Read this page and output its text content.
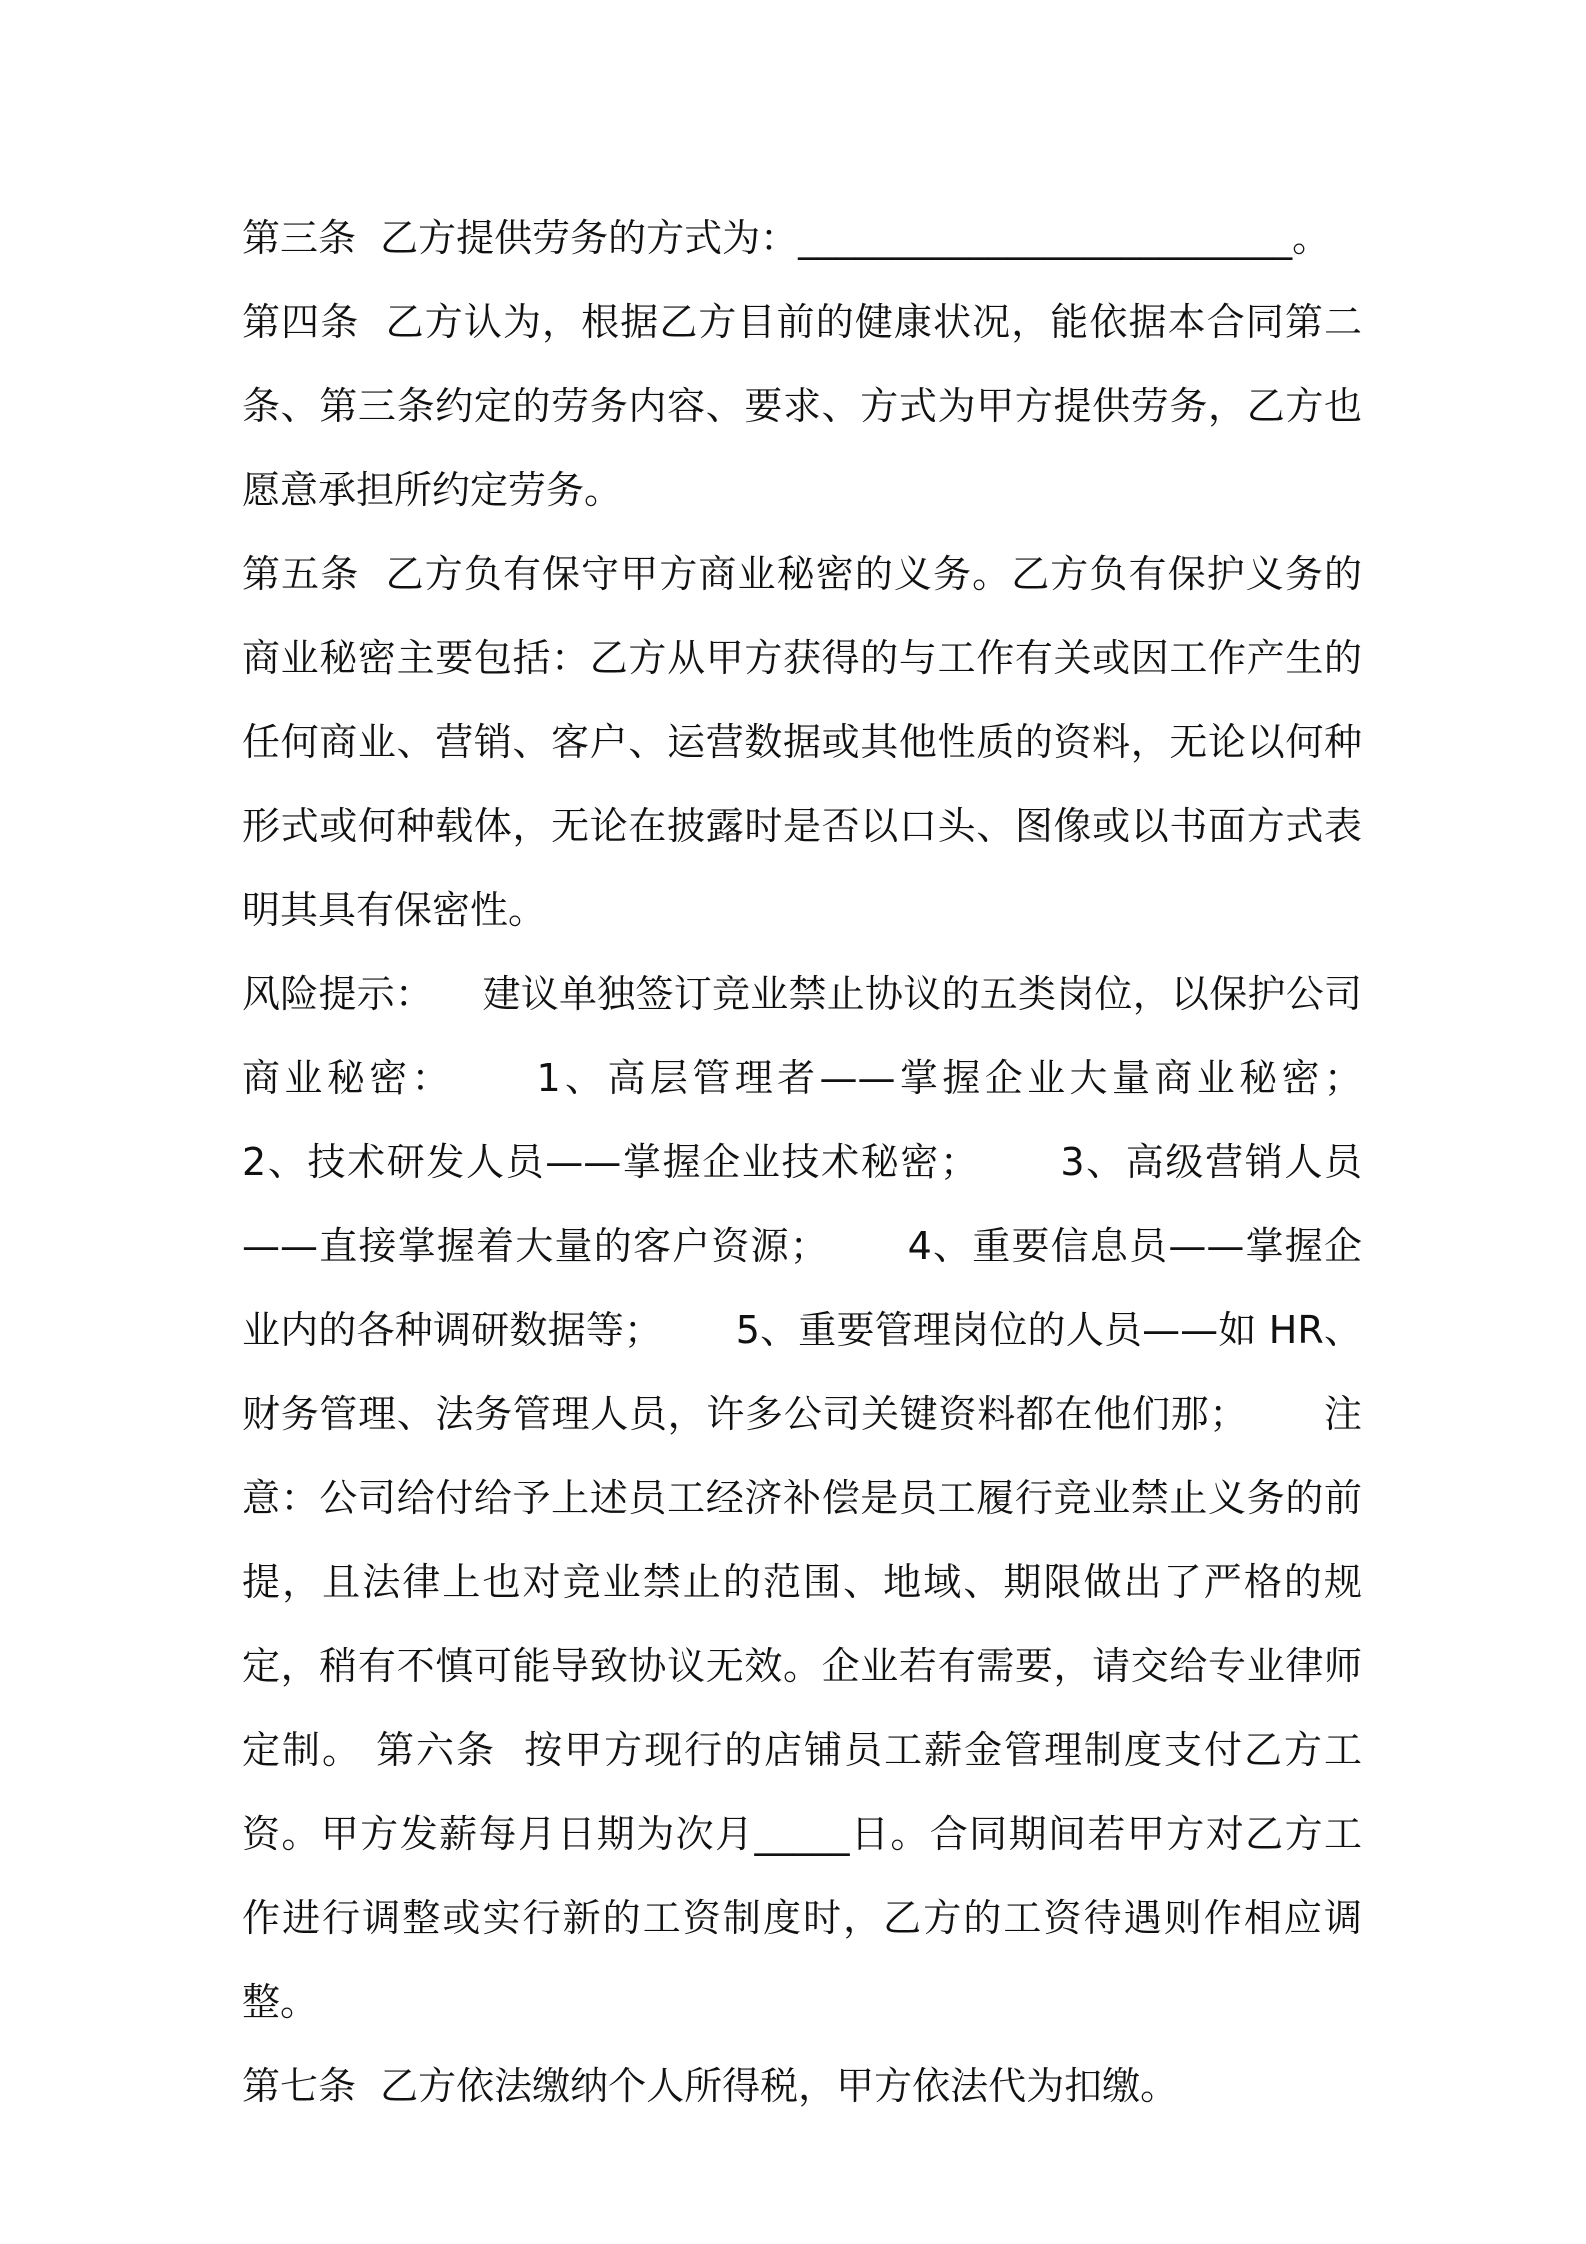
第三条  乙方提供劳务的方式为：__________________________。

第四条  乙方认为，根据乙方目前的健康状况，能依据本合同第二条、第三条约定的劳务内容、要求、方式为甲方提供劳务，乙方也愿意承担所约定劳务。

第五条  乙方负有保守甲方商业秘密的义务。乙方负有保护义务的商业秘密主要包括：乙方从甲方获得的与工作有关或因工作产生的任何商业、营销、客户、运营数据或其他性质的资料，无论以何种形式或何种载体，无论在披露时是否以口头、图像或以书面方式表明其具有保密性。

风险提示：    建议单独签订竞业禁止协议的五类岗位，以保护公司商业秘密：     1、高层管理者——掌握企业大量商业秘密；      2、技术研发人员——掌握企业技术秘密；      3、高级营销人员——直接掌握着大量的客户资源；      4、重要信息员——掌握企业内的各种调研数据等；      5、重要管理岗位的人员——如 HR、财务管理、法务管理人员，许多公司关键资料都在他们那；      注意：公司给付给予上述员工经济补偿是员工履行竞业禁止义务的前提，且法律上也对竞业禁止的范围、地域、期限做出了严格的规定，稍有不慎可能导致协议无效。企业若有需要，请交给专业律师定制。 第六条  按甲方现行的店铺员工薪金管理制度支付乙方工资。甲方发薪每月日期为次月_____日。合同期间若甲方对乙方工作进行调整或实行新的工资制度时，乙方的工资待遇则作相应调整。

第七条  乙方依法缴纳个人所得税，甲方依法代为扣缴。
